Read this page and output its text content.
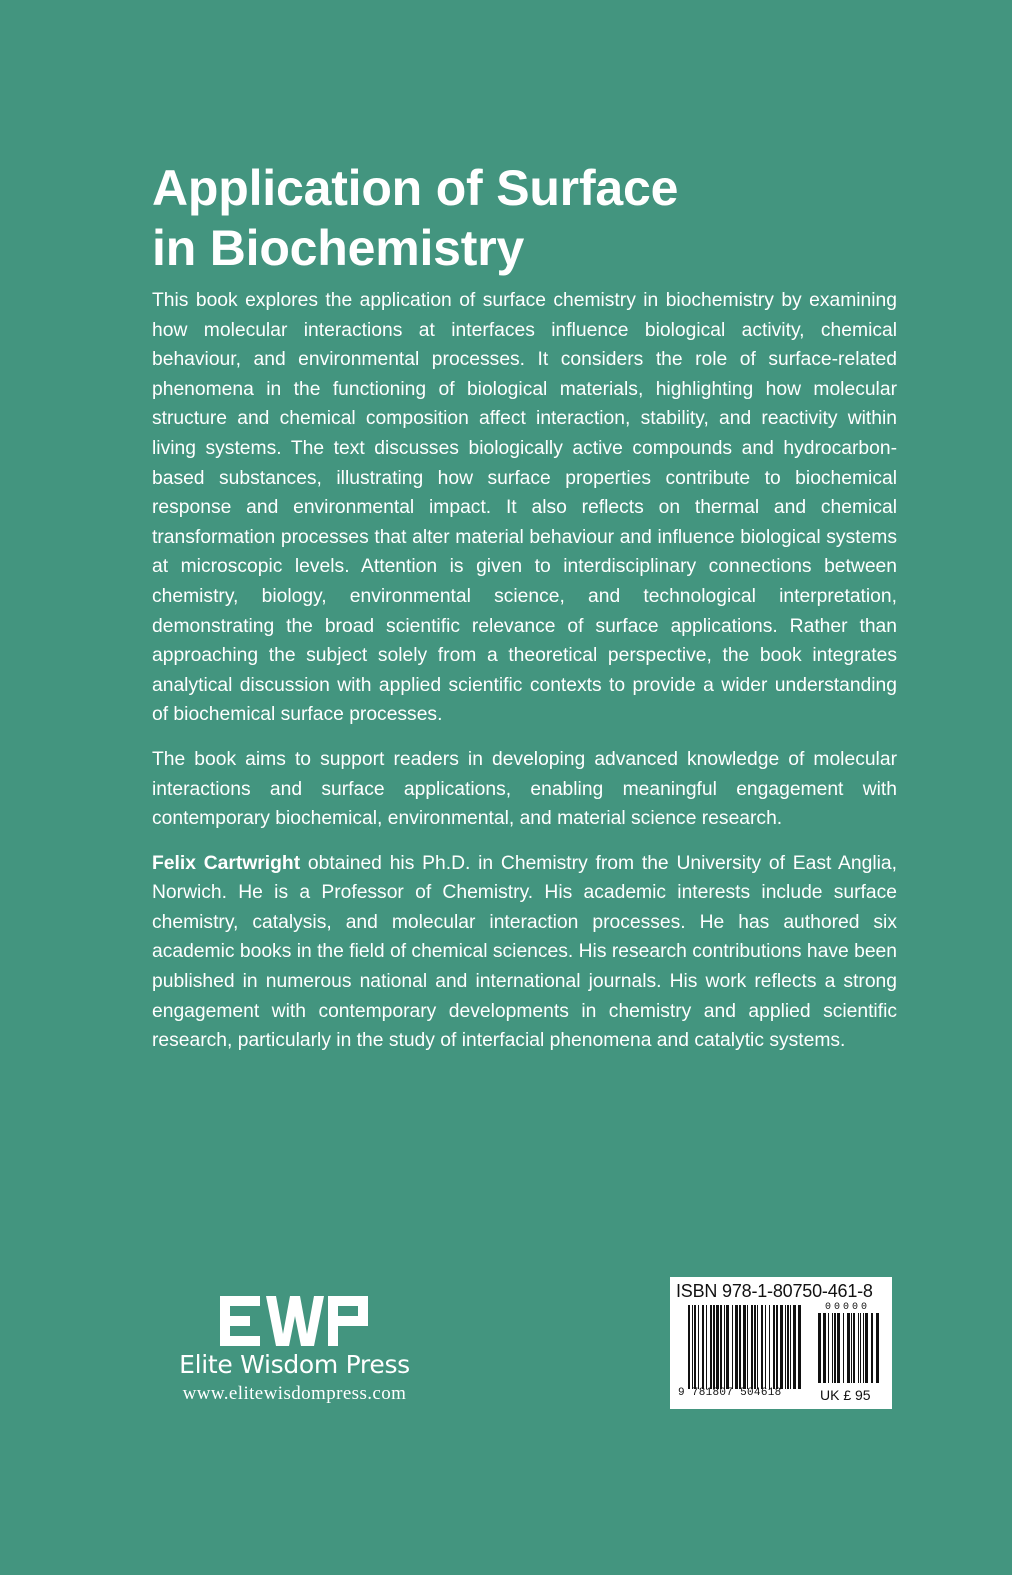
Application of Surface
in Biochemistry

This book explores the application of surface chemistry in biochemistry by examining how molecular interactions at interfaces influence biological activity, chemical behaviour, and environmental processes. It considers the role of surface-related phenomena in the functioning of biological materials, highlighting how molecular structure and chemical composition affect interaction, stability, and reactivity within living systems. The text discusses biologically active compounds and hydrocarbon-based substances, illustrating how surface properties contribute to biochemical response and environmental impact. It also reflects on thermal and chemical transformation processes that alter material behaviour and influence biological systems at microscopic levels. Attention is given to interdisciplinary connections between chemistry, biology, environmental science, and technological interpretation, demonstrating the broad scientific relevance of surface applications. Rather than approaching the subject solely from a theoretical perspective, the book integrates analytical discussion with applied scientific contexts to provide a wider understanding of biochemical surface processes.

The book aims to support readers in developing advanced knowledge of molecular interactions and surface applications, enabling meaningful engagement with contemporary biochemical, environmental, and material science research.

Felix Cartwright obtained his Ph.D. in Chemistry from the University of East Anglia, Norwich. He is a Professor of Chemistry. His academic interests include surface chemistry, catalysis, and molecular interaction processes. He has authored six academic books in the field of chemical sciences. His research contributions have been published in numerous national and international journals. His work reflects a strong engagement with contemporary developments in chemistry and applied scientific research, particularly in the study of interfacial phenomena and catalytic systems.

Elite Wisdom Press
www.elitewisdompress.com
ISBN 978-1-80750-461-8
00000
9 781807 504618	UK £ 95
